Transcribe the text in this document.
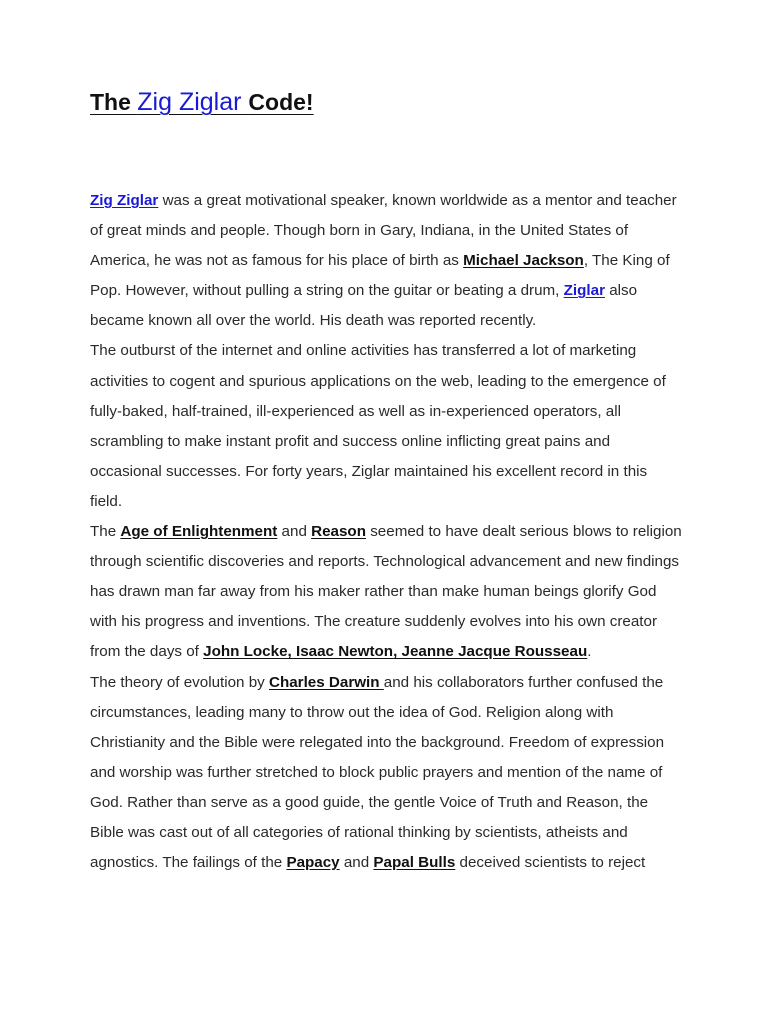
The Zig Ziglar Code!
Zig Ziglar was a great motivational speaker, known worldwide as a mentor and teacher
of great minds and people. Though born in Gary, Indiana, in the United States of
America, he was not as famous for his place of birth as Michael Jackson, The King of
Pop. However, without pulling a string on the guitar or beating a drum, Ziglar also
became known all over the world. His death was reported recently.
The outburst of the internet and online activities has transferred a lot of marketing
activities to cogent and spurious applications on the web, leading to the emergence of
fully-baked, half-trained, ill-experienced as well as in-experienced operators, all
scrambling to make instant profit and success online inflicting great pains and
occasional successes. For forty years, Ziglar maintained his excellent record in this
field.
The Age of Enlightenment and Reason seemed to have dealt serious blows to religion
through scientific discoveries and reports. Technological advancement and new findings
has drawn man far away from his maker rather than make human beings glorify God
with his progress and inventions. The creature suddenly evolves into his own creator
from the days of John Locke, Isaac Newton, Jeanne Jacque Rousseau.
The theory of evolution by Charles Darwin and his collaborators further confused the
circumstances, leading many to throw out the idea of God. Religion along with
Christianity and the Bible were relegated into the background. Freedom of expression
and worship was further stretched to block public prayers and mention of the name of
God. Rather than serve as a good guide, the gentle Voice of Truth and Reason, the
Bible was cast out of all categories of rational thinking by scientists, atheists and
agnostics. The failings of the Papacy and Papal Bulls deceived scientists to reject
